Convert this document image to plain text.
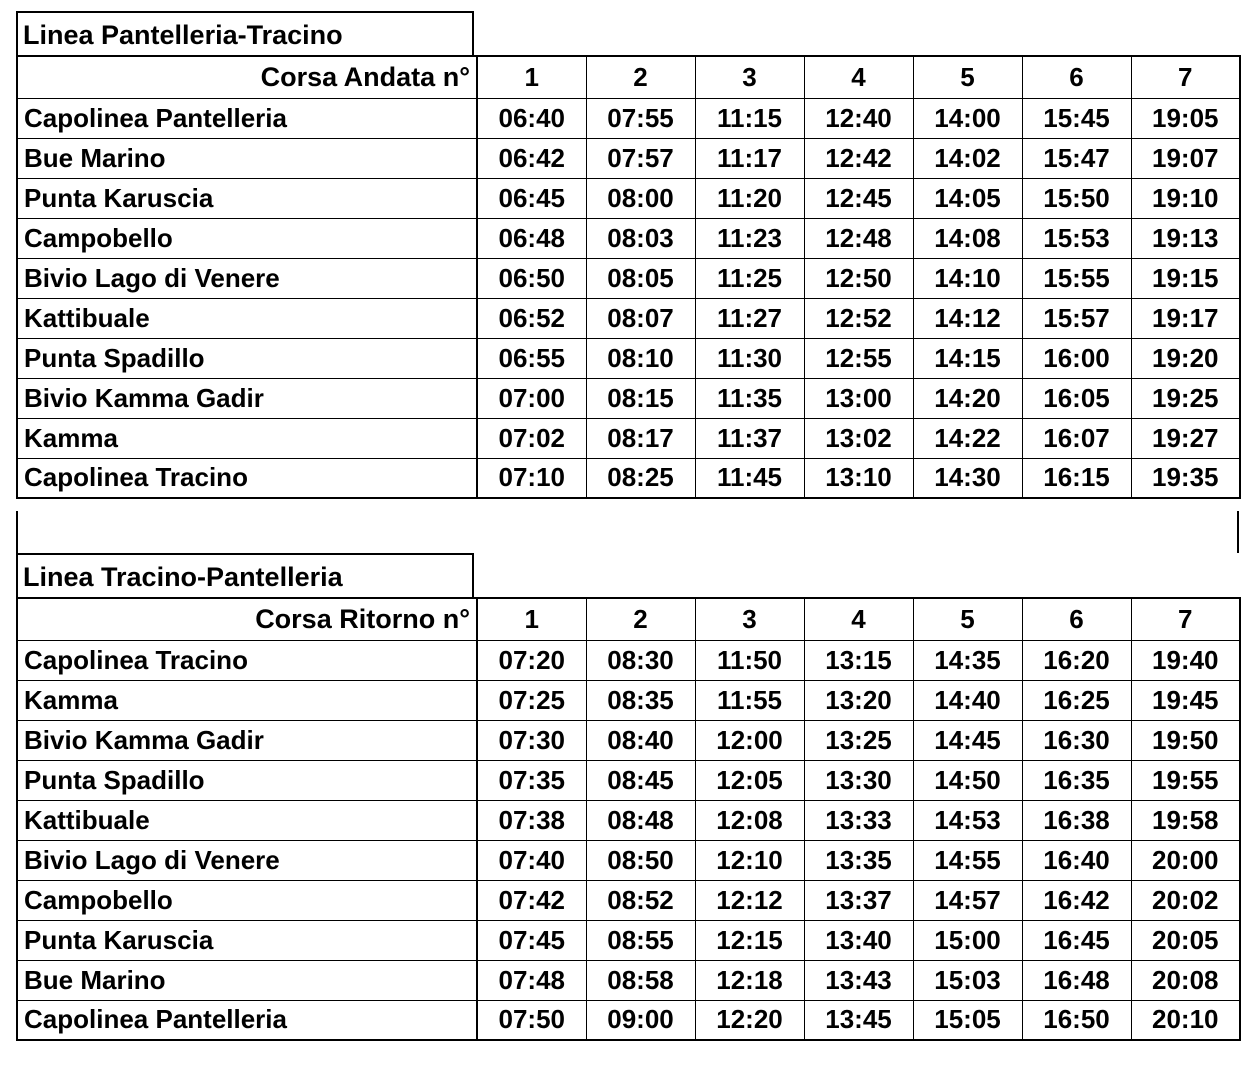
Linea Pantelleria-Tracino
Corsa Andata n°	1	2	3	4	5	6	7
Capolinea Pantelleria	06:40	07:55	11:15	12:40	14:00	15:45	19:05
Bue Marino	06:42	07:57	11:17	12:42	14:02	15:47	19:07
Punta Karuscia	06:45	08:00	11:20	12:45	14:05	15:50	19:10
Campobello	06:48	08:03	11:23	12:48	14:08	15:53	19:13
Bivio Lago di Venere	06:50	08:05	11:25	12:50	14:10	15:55	19:15
Kattibuale	06:52	08:07	11:27	12:52	14:12	15:57	19:17
Punta Spadillo	06:55	08:10	11:30	12:55	14:15	16:00	19:20
Bivio Kamma Gadir	07:00	08:15	11:35	13:00	14:20	16:05	19:25
Kamma	07:02	08:17	11:37	13:02	14:22	16:07	19:27
Capolinea Tracino	07:10	08:25	11:45	13:10	14:30	16:15	19:35
Linea Tracino-Pantelleria
Corsa Ritorno n°	1	2	3	4	5	6	7
Capolinea Tracino	07:20	08:30	11:50	13:15	14:35	16:20	19:40
Kamma	07:25	08:35	11:55	13:20	14:40	16:25	19:45
Bivio Kamma Gadir	07:30	08:40	12:00	13:25	14:45	16:30	19:50
Punta Spadillo	07:35	08:45	12:05	13:30	14:50	16:35	19:55
Kattibuale	07:38	08:48	12:08	13:33	14:53	16:38	19:58
Bivio Lago di Venere	07:40	08:50	12:10	13:35	14:55	16:40	20:00
Campobello	07:42	08:52	12:12	13:37	14:57	16:42	20:02
Punta Karuscia	07:45	08:55	12:15	13:40	15:00	16:45	20:05
Bue Marino	07:48	08:58	12:18	13:43	15:03	16:48	20:08
Capolinea Pantelleria	07:50	09:00	12:20	13:45	15:05	16:50	20:10
